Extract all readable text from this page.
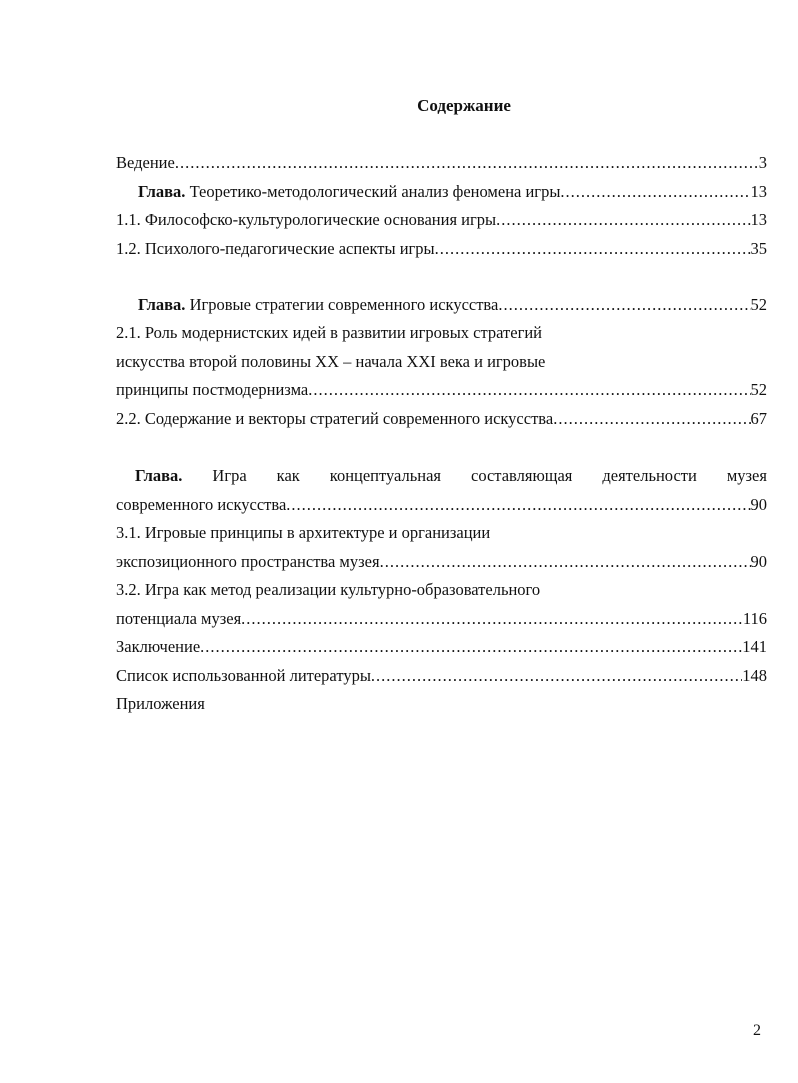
Содержание
Ведение .....	3
Глава. Теоретико-методологический анализ феномена игры .....	13
1.1. Философско-культурологические основания игры .....	13
1.2. Психолого-педагогические аспекты игры .....	35
Глава. Игровые стратегии современного искусства .....	52
2.1. Роль модернистских идей в развитии игровых стратегий
искусства второй половины XX – начала XXI века и игровые
принципы постмодернизма .....	52
2.2. Содержание и векторы стратегий современного искусства .....	67
Глава. Игра как концептуальная составляющая деятельности музея
современного искусства .....	90
3.1. Игровые принципы в архитектуре и организации
экспозиционного пространства музея .....	90
3.2. Игра как метод реализации культурно-образовательного
потенциала музея .....	116
Заключение .....	141
Список использованной литературы .....	148
Приложения
2
